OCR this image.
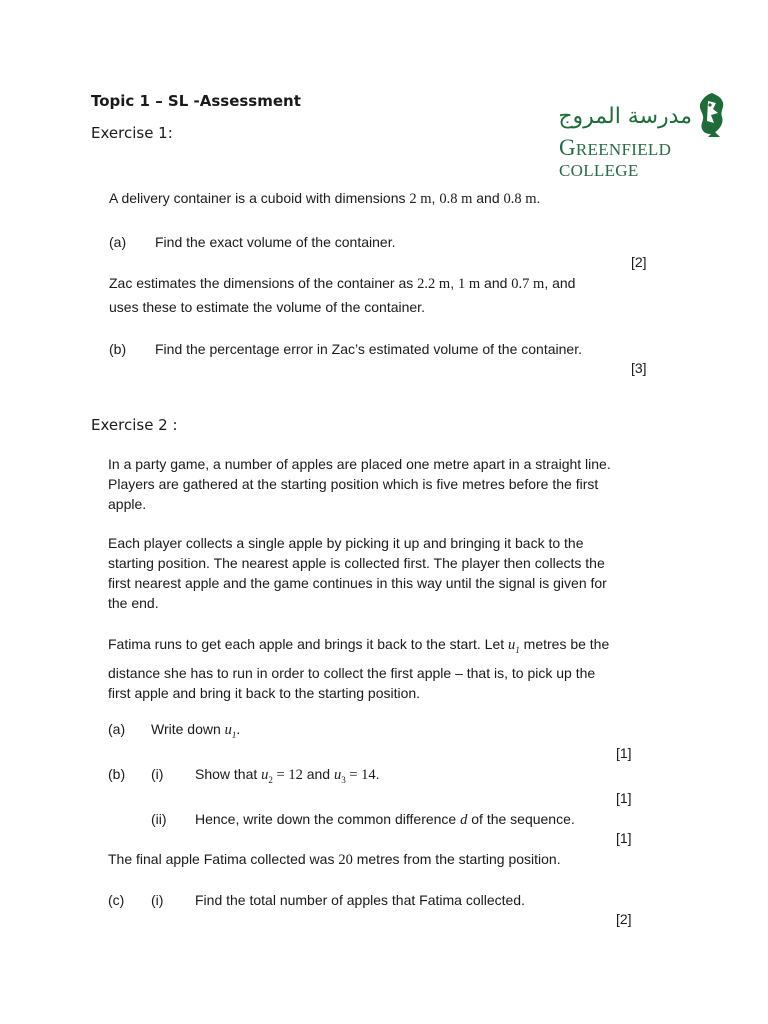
Topic 1 – SL -Assessment
Exercise 1:
مدرسة المروج
GREENFIELD COLLEGE
A delivery container is a cuboid with dimensions 2 m, 0.8 m and 0.8 m.
(a) Find the exact volume of the container.
[2]
Zac estimates the dimensions of the container as 2.2 m, 1 m and 0.7 m, and
uses these to estimate the volume of the container.
(b) Find the percentage error in Zac’s estimated volume of the container.
[3]
Exercise 2 :
In a party game, a number of apples are placed one metre apart in a straight line.
Players are gathered at the starting position which is five metres before the first
apple.
Each player collects a single apple by picking it up and bringing it back to the
starting position. The nearest apple is collected first. The player then collects the
first nearest apple and the game continues in this way until the signal is given for
the end.
Fatima runs to get each apple and brings it back to the start. Let $u_1$ metres be the
distance she has to run in order to collect the first apple – that is, to pick up the
first apple and bring it back to the starting position.
(a) Write down $u_1$.
[1]
(b) (i) Show that $u_2 = 12$ and $u_3 = 14$.
[1]
(ii) Hence, write down the common difference d of the sequence.
[1]
The final apple Fatima collected was 20 metres from the starting position.
(c) (i) Find the total number of apples that Fatima collected.
[2]
